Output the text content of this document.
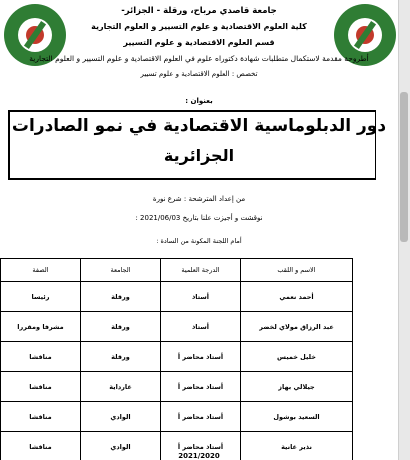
جامعة قاصدي مرباح، ورقلة - الجزائر-
كلية العلوم الاقتصادية و علوم التسيير و العلوم التجارية
قسم العلوم الاقتصادية و علوم التسيير
أطروحة مقدمة لاستكمال متطلبات شهادة دكتوراه علوم في العلوم الاقتصادية و علوم التسيير و العلوم التجارية
تخصص : العلوم الاقتصادية و علوم تسيير
بعنوان :
دور الدبلوماسية الاقتصادية في نمو الصادرات
الجزائرية
من إعداد المترشحة : شرع نورة
نوقشت و أجيزت علنا بتاريخ 2021/06/03 :
أمام اللجنة المكونة من السادة :
الاسم و اللقب	الدرجة العلمية	الجامعة	الصفة
أحمد نعمي	أستاذ	ورقلة	رئيسا
عبد الرزاق مولاي لخضر	أستاذ	ورقلة	مشرفا ومقررا
خليل خميس	أستاذ محاضر أ	ورقلة	مناقشا
جيلالي بهاز	أستاذ محاضر أ	غارداية	مناقشا
السعيد بوشول	أستاذ محاضر أ	الوادي	مناقشا
نذير غانية	أستاذ محاضر أ	الوادي	مناقشا
2021/2020
